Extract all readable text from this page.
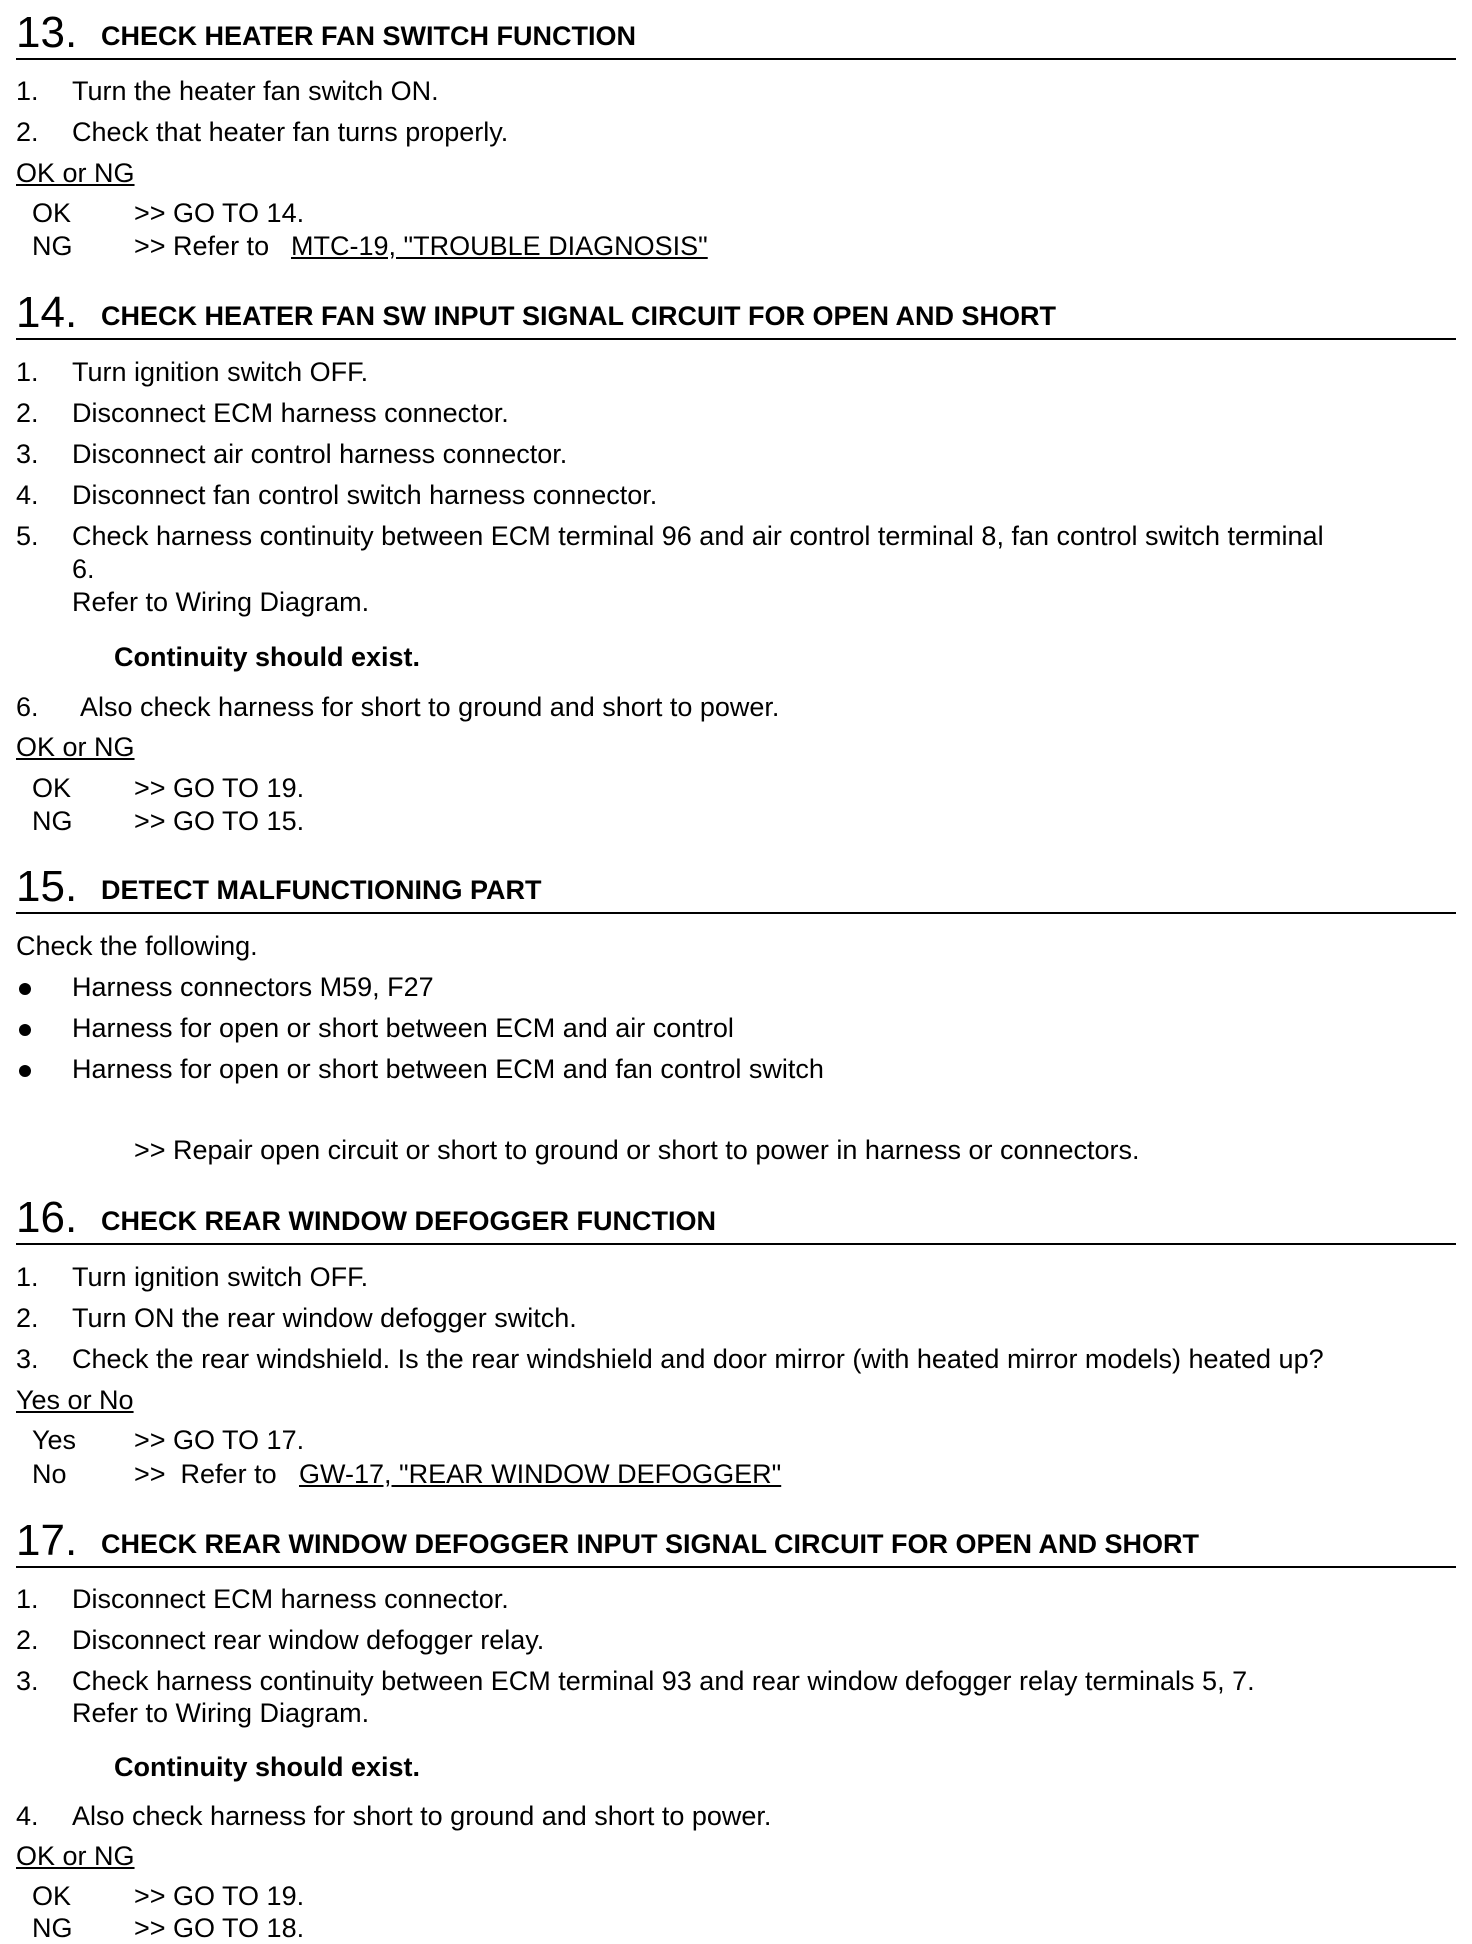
13. CHECK HEATER FAN SWITCH FUNCTION
1. Turn the heater fan switch ON.
2. Check that heater fan turns properly.
OK or NG
OK >> GO TO 14.
NG >> Refer to MTC-19, "TROUBLE DIAGNOSIS"
14. CHECK HEATER FAN SW INPUT SIGNAL CIRCUIT FOR OPEN AND SHORT
1. Turn ignition switch OFF.
2. Disconnect ECM harness connector.
3. Disconnect air control harness connector.
4. Disconnect fan control switch harness connector.
5. Check harness continuity between ECM terminal 96 and air control terminal 8, fan control switch terminal
6.
Refer to Wiring Diagram.
Continuity should exist.
6. Also check harness for short to ground and short to power.
OK or NG
OK >> GO TO 19.
NG >> GO TO 15.
15. DETECT MALFUNCTIONING PART
Check the following.
Harness connectors M59, F27
Harness for open or short between ECM and air control
Harness for open or short between ECM and fan control switch
>> Repair open circuit or short to ground or short to power in harness or connectors.
16. CHECK REAR WINDOW DEFOGGER FUNCTION
1. Turn ignition switch OFF.
2. Turn ON the rear window defogger switch.
3. Check the rear windshield. Is the rear windshield and door mirror (with heated mirror models) heated up?
Yes or No
Yes >> GO TO 17.
No >>  Refer to GW-17, "REAR WINDOW DEFOGGER"
17. CHECK REAR WINDOW DEFOGGER INPUT SIGNAL CIRCUIT FOR OPEN AND SHORT
1. Disconnect ECM harness connector.
2. Disconnect rear window defogger relay.
3. Check harness continuity between ECM terminal 93 and rear window defogger relay terminals 5, 7.
Refer to Wiring Diagram.
Continuity should exist.
4. Also check harness for short to ground and short to power.
OK or NG
OK >> GO TO 19.
NG >> GO TO 18.
